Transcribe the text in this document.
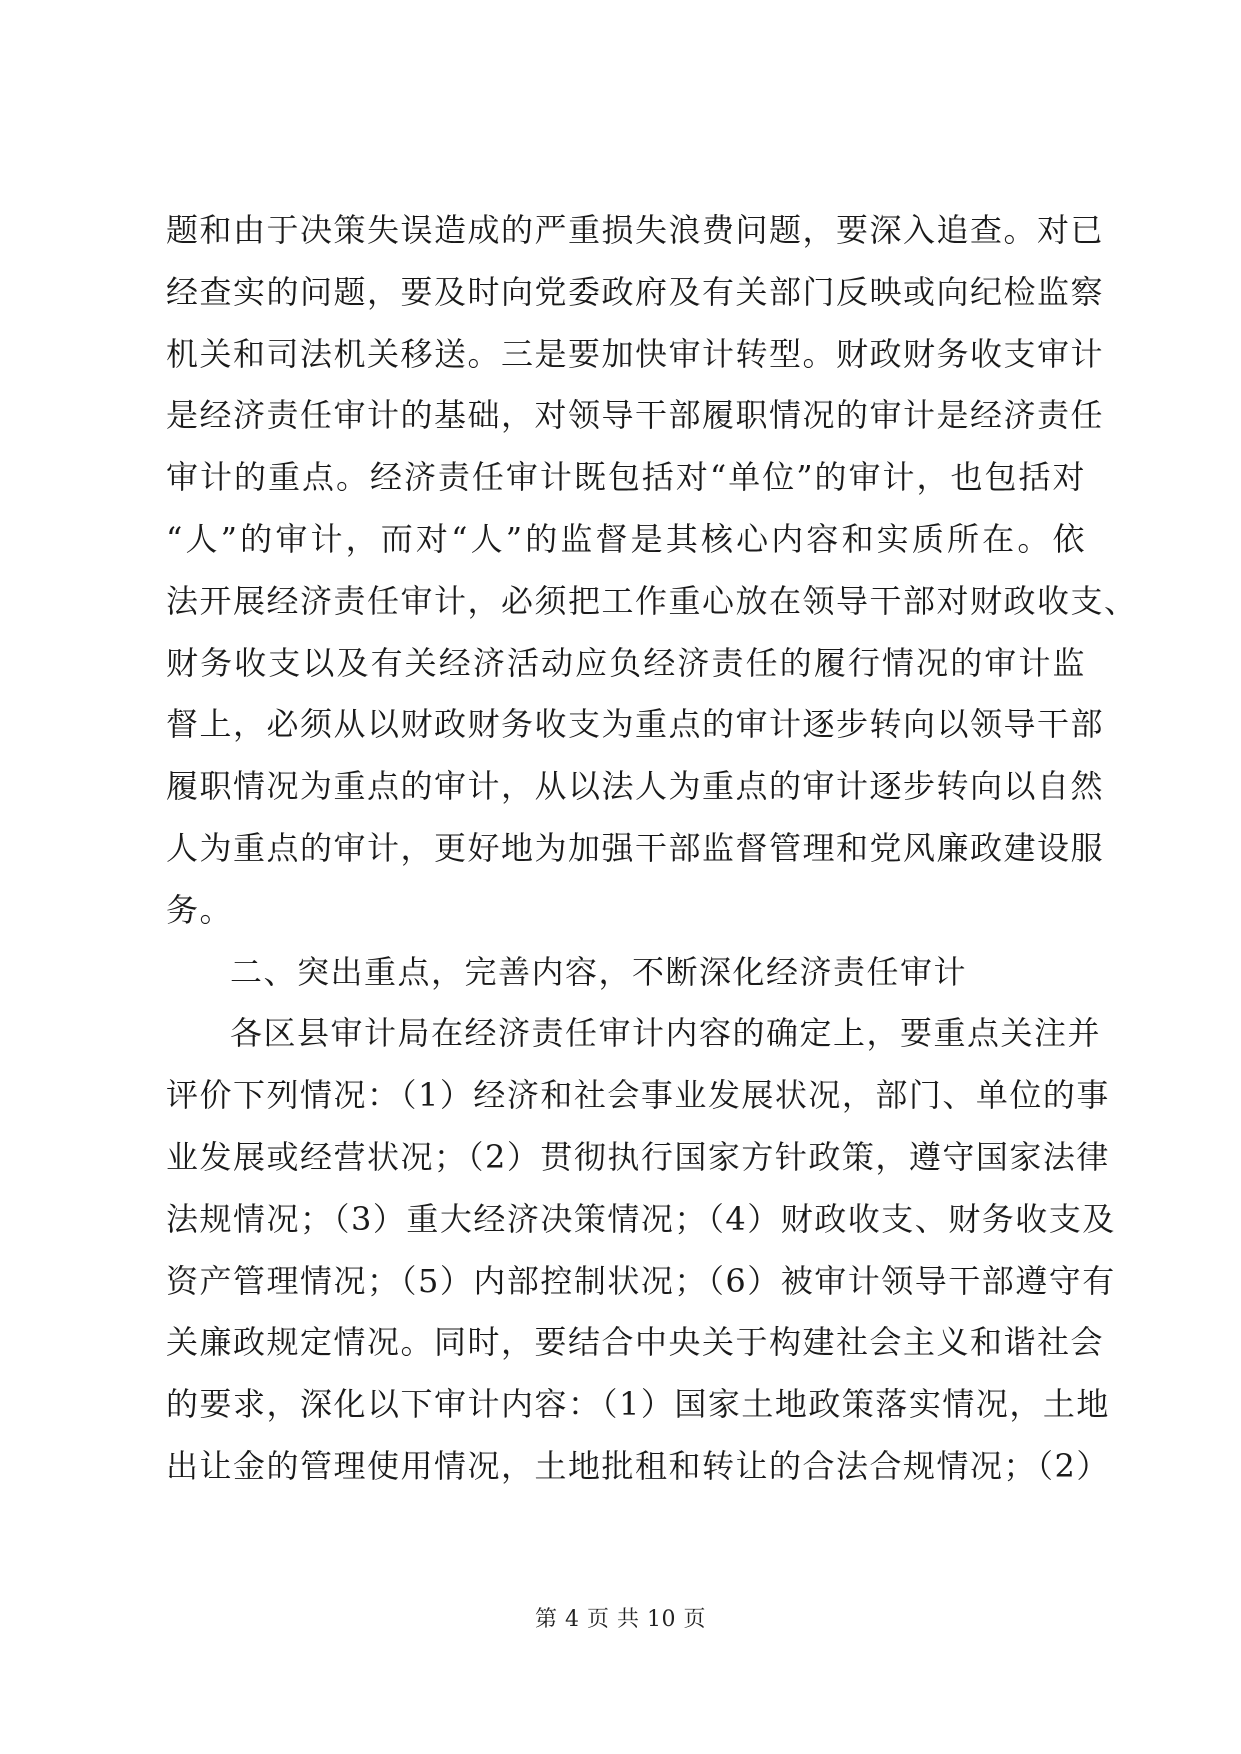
题和由于决策失误造成的严重损失浪费问题，要深入追查。对已
经查实的问题，要及时向党委政府及有关部门反映或向纪检监察
机关和司法机关移送。三是要加快审计转型。财政财务收支审计
是经济责任审计的基础，对领导干部履职情况的审计是经济责任
审计的重点。经济责任审计既包括对“单位”的审计，也包括对
“人”的审计，而对“人”的监督是其核心内容和实质所在。依
法开展经济责任审计，必须把工作重心放在领导干部对财政收支、
财务收支以及有关经济活动应负经济责任的履行情况的审计监
督上，必须从以财政财务收支为重点的审计逐步转向以领导干部
履职情况为重点的审计，从以法人为重点的审计逐步转向以自然
人为重点的审计，更好地为加强干部监督管理和党风廉政建设服
务。
二、突出重点，完善内容，不断深化经济责任审计
各区县审计局在经济责任审计内容的确定上，要重点关注并
评价下列情况：（1）经济和社会事业发展状况，部门、单位的事
业发展或经营状况；（2）贯彻执行国家方针政策，遵守国家法律
法规情况；（3）重大经济决策情况；（4）财政收支、财务收支及
资产管理情况；（5）内部控制状况；（6）被审计领导干部遵守有
关廉政规定情况。同时，要结合中央关于构建社会主义和谐社会
的要求，深化以下审计内容：（1）国家土地政策落实情况，土地
出让金的管理使用情况，土地批租和转让的合法合规情况；（2）
第 4 页 共 10 页
